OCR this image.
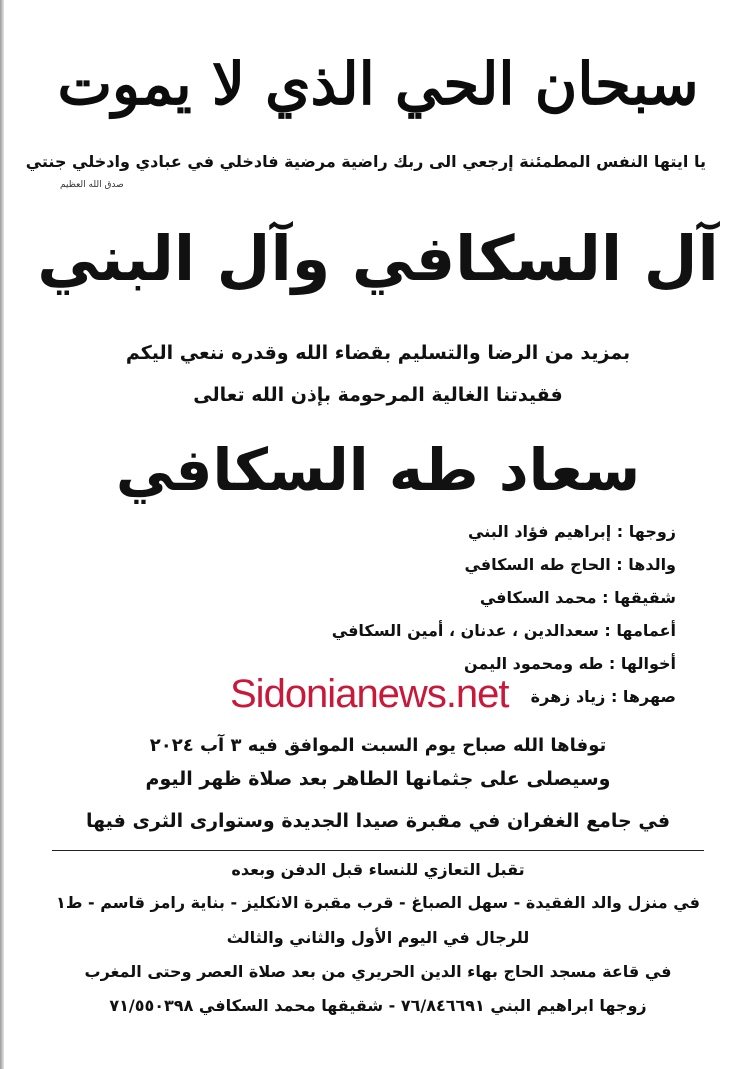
سبحان الحي الذي لا يموت
يا ايتها النفس المطمئنة إرجعي الى ربك راضية مرضية فادخلي في عبادي وادخلي جنتي
صدق الله العظيم
آل السكافي وآل البني
بمزيد من الرضا والتسليم بقضاء الله وقدره ننعي اليكم
فقيدتنا الغالية المرحومة بإذن الله تعالى
سعاد طه السكافي
زوجها : إبراهيم فؤاد البني
والدها : الحاج طه السكافي
شقيقها : محمد السكافي
أعمامها : سعدالدين ، عدنان ، أمين السكافي
أخوالها : طه ومحمود اليمن
صهرها : زياد زهرة
Sidonianews.net
توفاها الله صباح يوم السبت الموافق فيه ٣ آب ٢٠٢٤
وسيصلى على جثمانها الطاهر بعد صلاة ظهر اليوم
في جامع الغفران في مقبرة صيدا الجديدة وستوارى الثرى فيها
تقبل التعازي للنساء قبل الدفن وبعده
في منزل والد الفقيدة - سهل الصباغ - قرب مقبرة الانكليز - بناية رامز قاسم - ط١
للرجال في اليوم الأول والثاني والثالث
في قاعة مسجد الحاج بهاء الدين الحريري من بعد صلاة العصر وحتى المغرب
زوجها ابراهيم البني ٧٦/٨٤٦٦٩١ - شقيقها محمد السكافي ٧١/٥٥٠٣٩٨
